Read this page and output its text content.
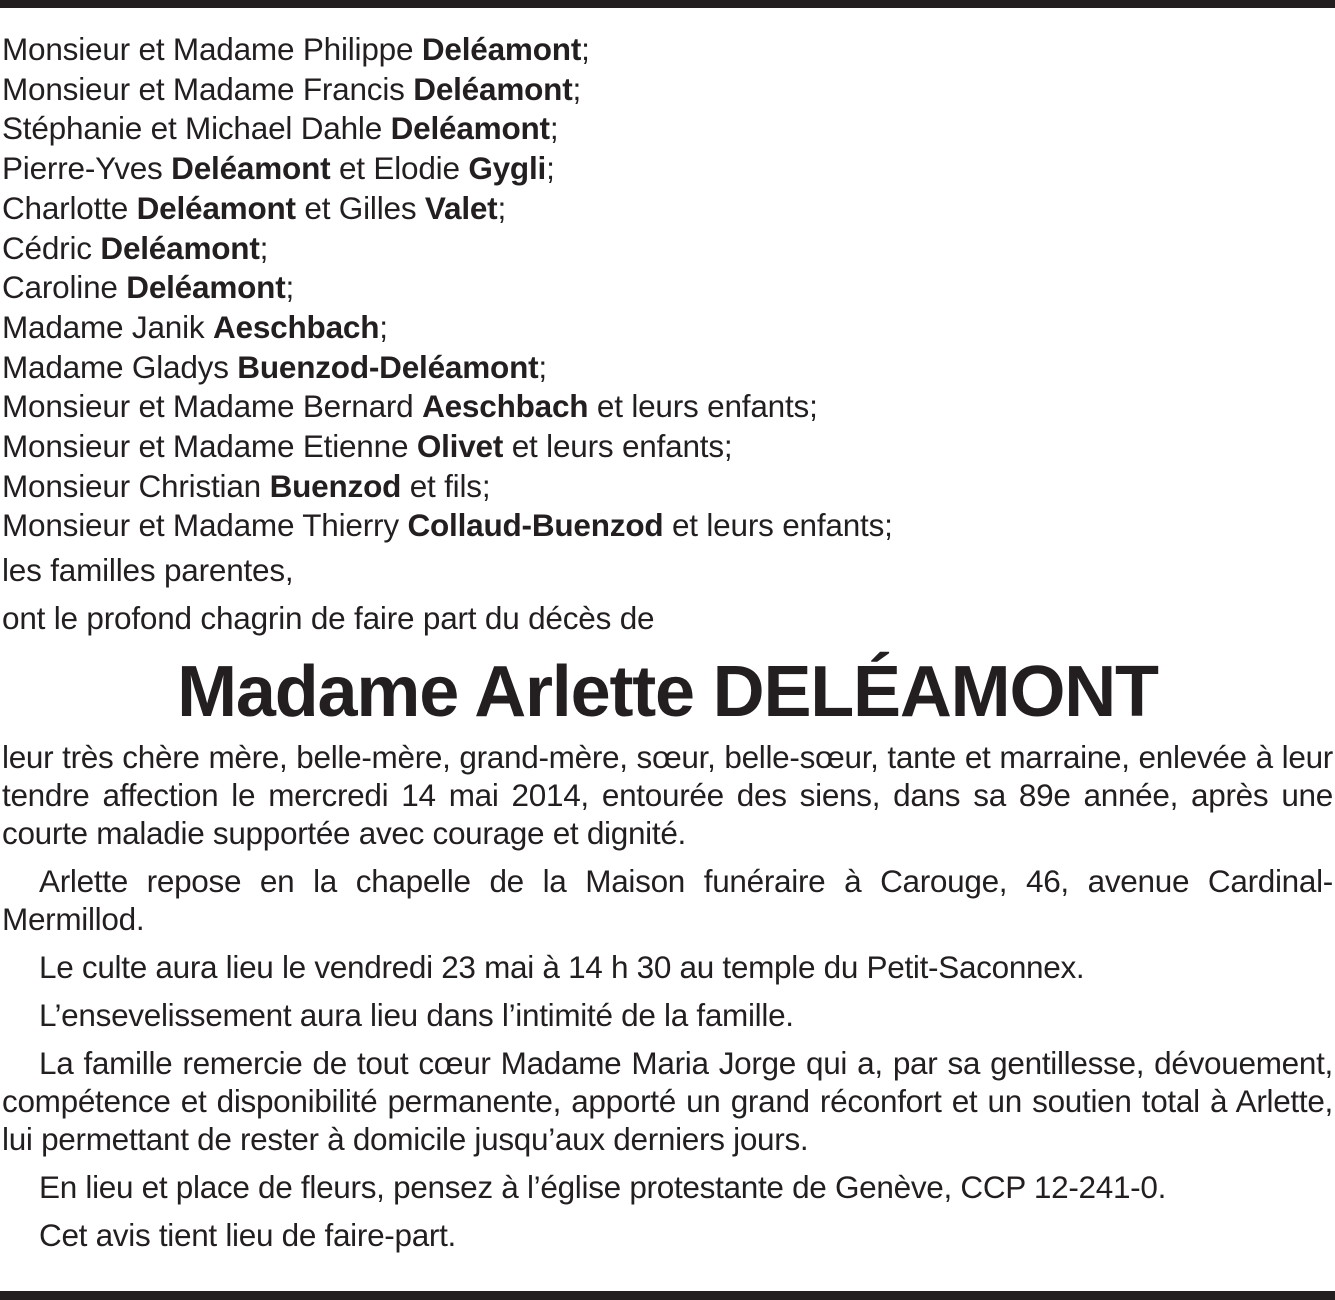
Monsieur et Madame Philippe Deléamont;
Monsieur et Madame Francis Deléamont;
Stéphanie et Michael Dahle Deléamont;
Pierre-Yves Deléamont et Elodie Gygli;
Charlotte Deléamont et Gilles Valet;
Cédric Deléamont;
Caroline Deléamont;
Madame Janik Aeschbach;
Madame Gladys Buenzod-Deléamont;
Monsieur et Madame Bernard Aeschbach et leurs enfants;
Monsieur et Madame Etienne Olivet et leurs enfants;
Monsieur Christian Buenzod et fils;
Monsieur et Madame Thierry Collaud-Buenzod et leurs enfants;
les familles parentes,
ont le profond chagrin de faire part du décès de
Madame Arlette DELÉAMONT

leur très chère mère, belle-mère, grand-mère, sœur, belle-sœur, tante et marraine, enlevée à leur tendre affection le mercredi 14 mai 2014, entourée des siens, dans sa 89e année, après une courte maladie supportée avec courage et dignité.

Arlette repose en la chapelle de la Maison funéraire à Carouge, 46, avenue Cardinal-Mermillod.

Le culte aura lieu le vendredi 23 mai à 14 h 30 au temple du Petit-Saconnex.

L’ensevelissement aura lieu dans l’intimité de la famille.

La famille remercie de tout cœur Madame Maria Jorge qui a, par sa gentillesse, dévouement, compétence et disponibilité permanente, apporté un grand réconfort et un soutien total à Arlette, lui permettant de rester à domicile jusqu’aux derniers jours.

En lieu et place de fleurs, pensez à l’église protestante de Genève, CCP 12-241-0.

Cet avis tient lieu de faire-part.
